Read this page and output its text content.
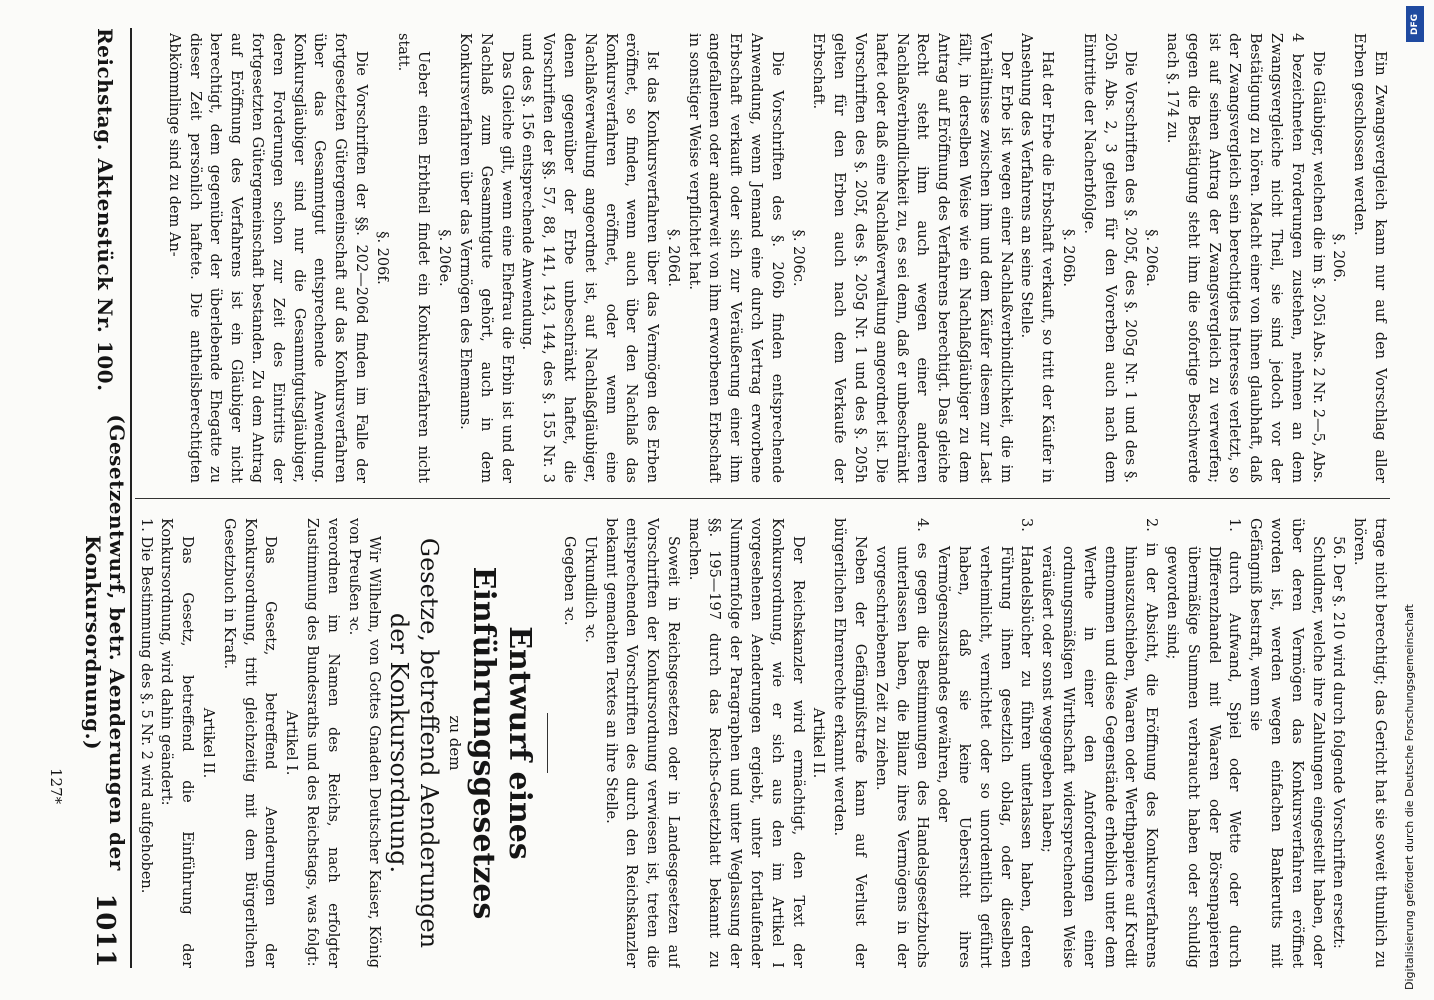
Ein Zwangsvergleich kann nur auf den Vorschlag aller Erben geschlossen werden.

§. 206.

Die Gläubiger, welchen die im §. 205i Abs. 2 Nr. 2—5, Abs. 4 bezeichneten Forderungen zustehen, nehmen an dem Zwangsvergleiche nicht Theil, sie sind jedoch vor der Bestätigung zu hören. Macht einer von ihnen glaubhaft, daß der Zwangsvergleich sein berechtigtes Interesse verletzt, so ist auf seinen Antrag der Zwangsvergleich zu verwerfen; gegen die Bestätigung steht ihm die sofortige Beschwerde nach §. 174 zu.

§. 206a.

Die Vorschriften des §. 205f, des §. 205g Nr. 1 und des §. 205h Abs. 2, 3 gelten für den Vorerben auch nach dem Eintritte der Nacherbfolge.

§. 206b.

Hat der Erbe die Erbschaft verkauft, so tritt der Käufer in Ansehung des Verfahrens an seine Stelle.

Der Erbe ist wegen einer Nachlaßverbindlichkeit, die im Verhältnisse zwischen ihm und dem Käufer diesem zur Last fällt, in derselben Weise wie ein Nachlaßgläubiger zu dem Antrag auf Eröffnung des Verfahrens berechtigt. Das gleiche Recht steht ihm auch wegen einer anderen Nachlaßverbindlichkeit zu, es sei denn, daß er unbeschränkt haftet oder daß eine Nachlaßverwaltung angeordnet ist. Die Vorschriften des §. 205f, des §. 205g Nr. 1 und des §. 205h gelten für den Erben auch nach dem Verkaufe der Erbschaft.

§. 206c.

Die Vorschriften des §. 206b finden entsprechende Anwendung, wenn Jemand eine durch Vertrag erworbene Erbschaft verkauft oder sich zur Veräußerung einer ihm angefallenen oder anderweit von ihm erworbenen Erbschaft in sonstiger Weise verpflichtet hat.

§. 206d.

Ist das Konkursverfahren über das Vermögen des Erben eröffnet, so finden, wenn auch über den Nachlaß das Konkursverfahren eröffnet, oder wenn eine Nachlaßverwaltung angeordnet ist, auf Nachlaßgläubiger, denen gegenüber der Erbe unbeschränkt haftet, die Vorschriften der §§. 57, 88, 141, 143, 144, des §. 155 Nr. 3 und des §. 156 entsprechende Anwendung.

Das Gleiche gilt, wenn eine Ehefrau die Erbin ist und der Nachlaß zum Gesammtgute gehört, auch in dem Konkursverfahren über das Vermögen des Ehemanns.

§. 206e.

Ueber einen Erbtheil findet ein Konkursverfahren nicht statt.

§. 206f.

Die Vorschriften der §§. 202—206d finden im Falle der fortgesetzten Gütergemeinschaft auf das Konkursverfahren über das Gesammtgut entsprechende Anwendung. Konkursgläubiger sind nur die Gesammtgutsgläubiger, deren Forderungen schon zur Zeit des Eintritts der fortgesetzten Gütergemeinschaft bestanden. Zu dem Antrag auf Eröffnung des Verfahrens ist ein Gläubiger nicht berechtigt, dem gegenüber der überlebende Ehegatte zu dieser Zeit persönlich haftete. Die antheilsberechtigten Abkömmlinge sind zu dem An-

trage nicht berechtigt; das Gericht hat sie soweit thunlich zu hören.

56. Der §. 210 wird durch folgende Vorschriften ersetzt:

Schuldner, welche ihre Zahlungen eingestellt haben, oder über deren Vermögen das Konkursverfahren eröffnet worden ist, werden wegen einfachen Bankerutts mit Gefängniß bestraft, wenn sie

1. durch Aufwand, Spiel oder Wette oder durch Differenzhandel mit Waaren oder Börsenpapieren übermäßige Summen verbraucht haben oder schuldig geworden sind;

2. in der Absicht, die Eröffnung des Konkursverfahrens hinauszuschieben, Waaren oder Werthpapiere auf Kredit entnommen und diese Gegenstände erheblich unter dem Werthe in einer den Anforderungen einer ordnungsmäßigen Wirthschaft widersprechenden Weise veräußert oder sonst weggegeben haben;

3. Handelsbücher zu führen unterlassen haben, deren Führung ihnen gesetzlich oblag, oder dieselben verheimlicht, vernichtet oder so unordentlich geführt haben, daß sie keine Uebersicht ihres Vermögenszustandes gewähren, oder

4. es gegen die Bestimmungen des Handelsgesetzbuchs unterlassen haben, die Bilanz ihres Vermögens in der vorgeschriebenen Zeit zu ziehen.

Neben der Gefängnißstrafe kann auf Verlust der bürgerlichen Ehrenrechte erkannt werden.

Artikel II.

Der Reichskanzler wird ermächtigt, den Text der Konkursordnung, wie er sich aus den im Artikel I vorgesehenen Aenderungen ergiebt, unter fortlaufender Nummernfolge der Paragraphen und unter Weglassung der §§. 195—197 durch das Reichs-Gesetzblatt bekannt zu machen.

Soweit in Reichsgesetzen oder in Landesgesetzen auf Vorschriften der Konkursordnung verwiesen ist, treten die entsprechenden Vorschriften des durch den Reichskanzler bekannt gemachten Textes an ihre Stelle.

Urkundlich ꝛc.

Gegeben ꝛc.

Entwurf eines Einführungsgesetzes

zu dem

Gesetze, betreffend Aenderungen der Konkursordnung.

Wir Wilhelm, von Gottes Gnaden Deutscher Kaiser, König von Preußen ꝛc.

verordnen im Namen des Reichs, nach erfolgter Zustimmung des Bundesraths und des Reichstags, was folgt:

Artikel I.

Das Gesetz, betreffend Aenderungen der Konkursordnung, tritt gleichzeitig mit dem Bürgerlichen Gesetzbuch in Kraft.

Artikel II.

Das Gesetz, betreffend die Einführung der Konkursordnung, wird dahin geändert:

1. Die Bestimmung des §. 5 Nr. 2 wird aufgehoben.

Reichstag. Aktenstück Nr. 100.
(Gesetzentwurf, betr. Aenderungen der Konkursordnung.)
1011
127*	Digitalisierung gefördert durch die Deutsche Forschungsgemeinschaft
DFG
